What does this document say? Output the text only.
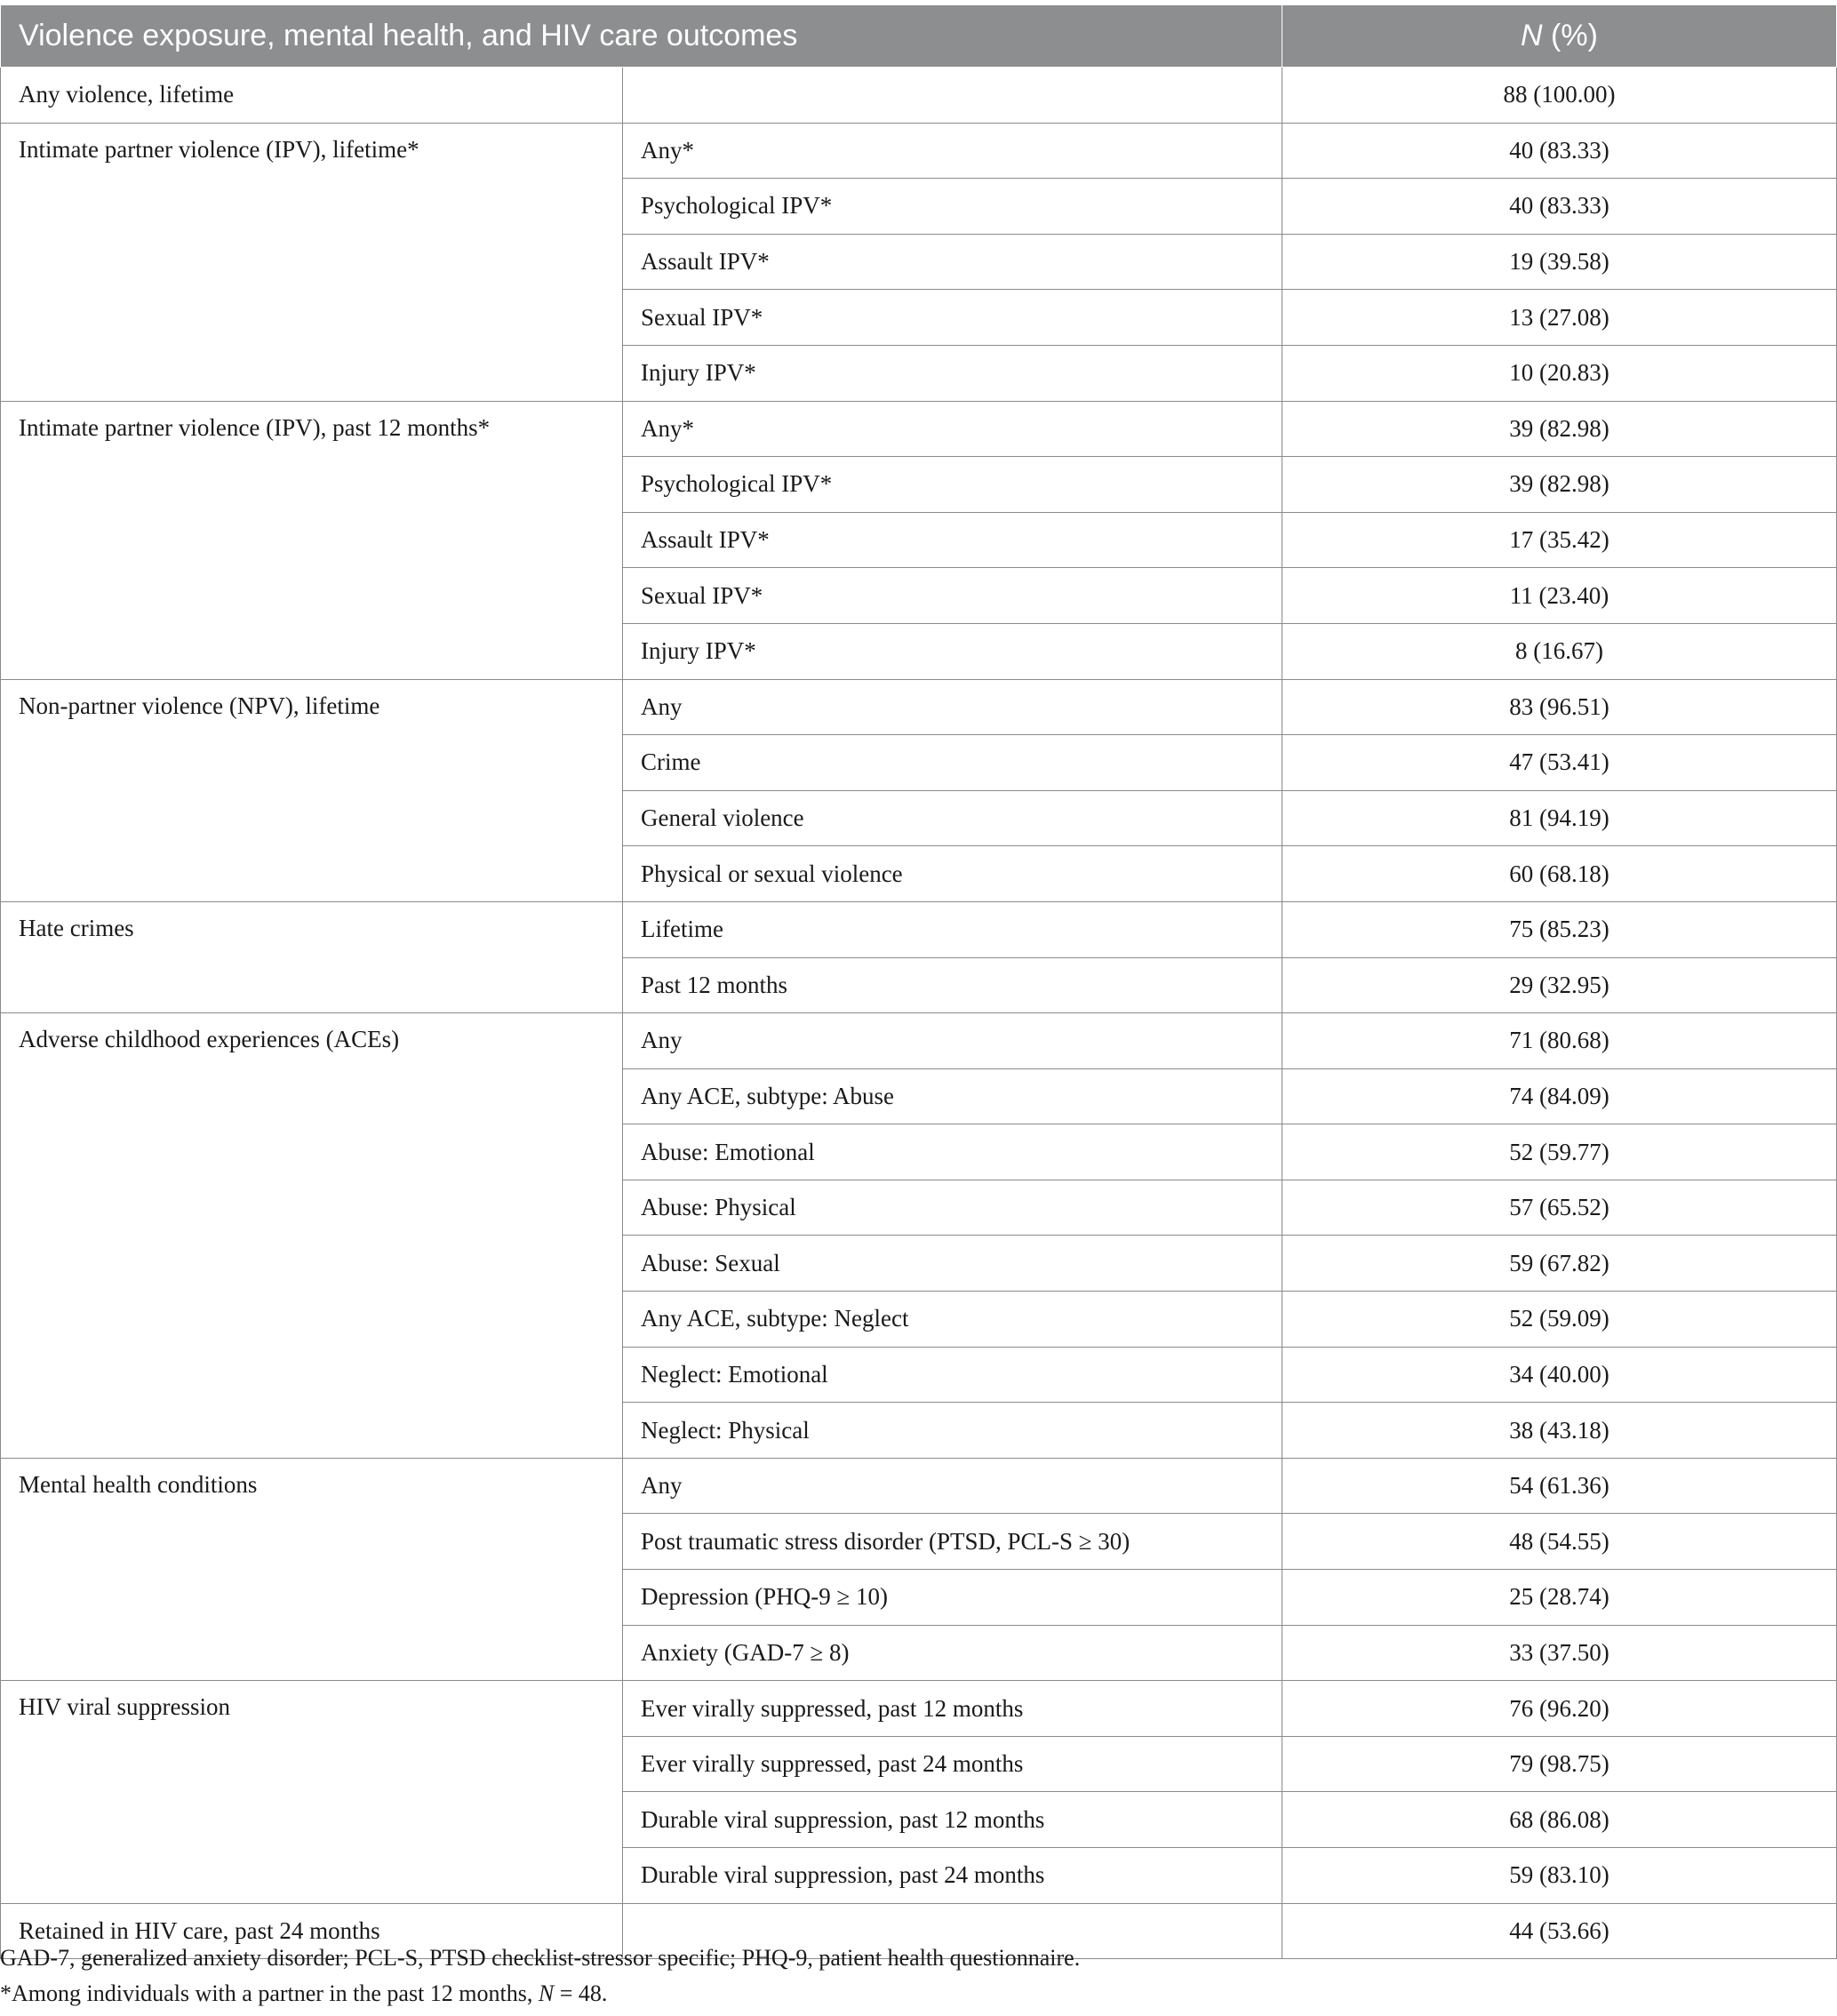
Violence exposure, mental health, and HIV care outcomes		N (%)
Any violence, lifetime		88 (100.00)
Intimate partner violence (IPV), lifetime*	Any*	40 (83.33)
	Psychological IPV*	40 (83.33)
	Assault IPV*	19 (39.58)
	Sexual IPV*	13 (27.08)
	Injury IPV*	10 (20.83)
Intimate partner violence (IPV), past 12 months*	Any*	39 (82.98)
	Psychological IPV*	39 (82.98)
	Assault IPV*	17 (35.42)
	Sexual IPV*	11 (23.40)
	Injury IPV*	8 (16.67)
Non-partner violence (NPV), lifetime	Any	83 (96.51)
	Crime	47 (53.41)
	General violence	81 (94.19)
	Physical or sexual violence	60 (68.18)
Hate crimes	Lifetime	75 (85.23)
	Past 12 months	29 (32.95)
Adverse childhood experiences (ACEs)	Any	71 (80.68)
	Any ACE, subtype: Abuse	74 (84.09)
	Abuse: Emotional	52 (59.77)
	Abuse: Physical	57 (65.52)
	Abuse: Sexual	59 (67.82)
	Any ACE, subtype: Neglect	52 (59.09)
	Neglect: Emotional	34 (40.00)
	Neglect: Physical	38 (43.18)
Mental health conditions	Any	54 (61.36)
	Post traumatic stress disorder (PTSD, PCL-S ≥ 30)	48 (54.55)
	Depression (PHQ-9 ≥ 10)	25 (28.74)
	Anxiety (GAD-7 ≥ 8)	33 (37.50)
HIV viral suppression	Ever virally suppressed, past 12 months	76 (96.20)
	Ever virally suppressed, past 24 months	79 (98.75)
	Durable viral suppression, past 12 months	68 (86.08)
	Durable viral suppression, past 24 months	59 (83.10)
Retained in HIV care, past 24 months		44 (53.66)
GAD-7, generalized anxiety disorder; PCL-S, PTSD checklist-stressor specific; PHQ-9, patient health questionnaire.
*Among individuals with a partner in the past 12 months, N = 48.
